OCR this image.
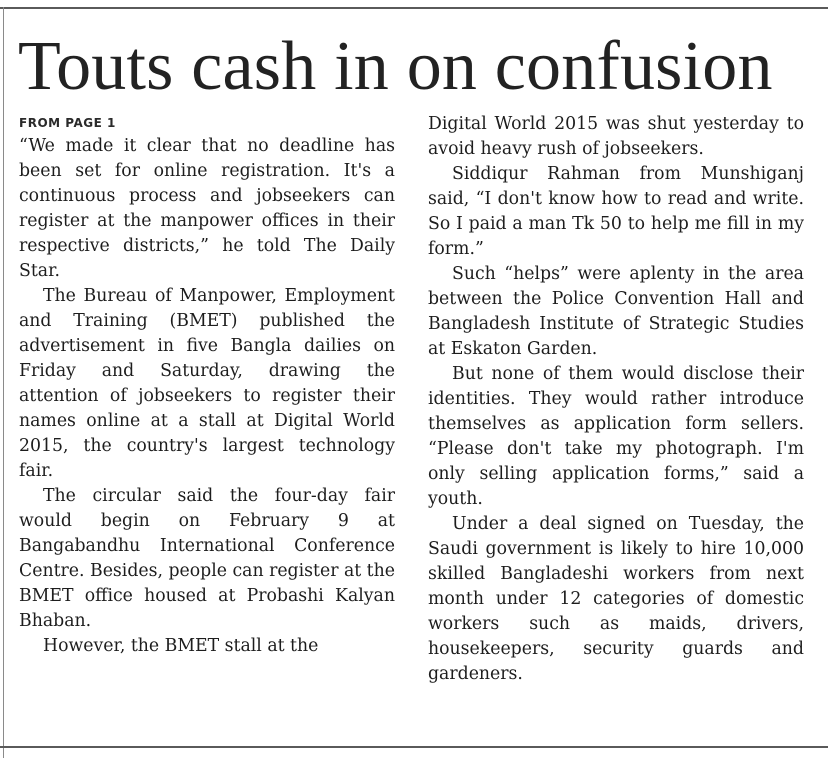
Touts cash in on confusion
FROM PAGE 1

“We made it clear that no deadline has been set for online registration. It's a continuous process and jobseekers can register at the manpower offices in their respective districts,” he told The Daily Star.

The Bureau of Manpower, Employment and Training (BMET) published the advertisement in five Bangla dailies on Friday and Saturday, drawing the attention of jobseekers to register their names online at a stall at Digital World 2015, the country's largest technology fair.

The circular said the four-day fair would begin on February 9 at Bangabandhu International Conference Centre. Besides, people can register at the BMET office housed at Probashi Kalyan Bhaban.

However, the BMET stall at the

Digital World 2015 was shut yesterday to avoid heavy rush of jobseekers.

Siddiqur Rahman from Munshiganj said, “I don't know how to read and write. So I paid a man Tk 50 to help me fill in my form.”

Such “helps” were aplenty in the area between the Police Convention Hall and Bangladesh Institute of Strategic Studies at Eskaton Garden.

But none of them would disclose their identities. They would rather introduce themselves as application form sellers. “Please don't take my photograph. I'm only selling application forms,” said a youth.

Under a deal signed on Tuesday, the Saudi government is likely to hire 10,000 skilled Bangladeshi workers from next month under 12 categories of domestic workers such as maids, drivers, housekeepers, security guards and gardeners.
